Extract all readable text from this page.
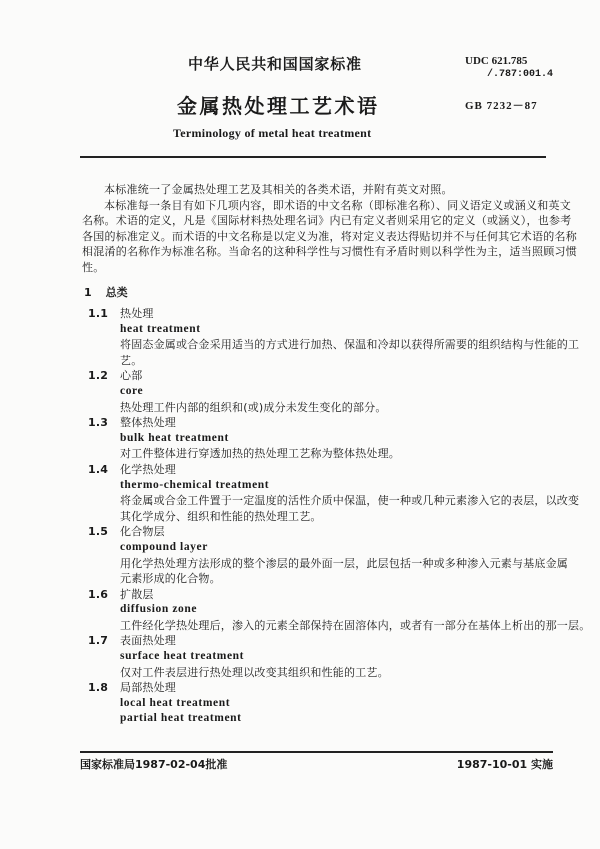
中华人民共和国国家标准
金属热处理工艺术语
Terminology of metal heat treatment
UDC 621.785
/.787:001.4
GB 7232－87

本标准统一了金属热处理工艺及其相关的各类术语，并附有英文对照。

本标准每一条目有如下几项内容，即术语的中文名称（即标准名称）、同义语定义或涵义和英文

名称。术语的定义，凡是《国际材料热处理名词》内已有定义者则采用它的定义（或涵义），也参考

各国的标准定义。而术语的中文名称是以定义为准，将对定义表达得贴切并不与任何其它术语的名称

相混淆的名称作为标准名称。当命名的这种科学性与习惯性有矛盾时则以科学性为主，适当照顾习惯

性。

1 总类
1.1 热处理
heat treatment
将固态金属或合金采用适当的方式进行加热、保温和冷却以获得所需要的组织结构与性能的工
艺。
1.2 心部
core
热处理工件内部的组织和(或)成分未发生变化的部分。
1.3 整体热处理
bulk heat treatment
对工件整体进行穿透加热的热处理工艺称为整体热处理。
1.4 化学热处理
thermo-chemical treatment
将金属或合金工件置于一定温度的活性介质中保温，使一种或几种元素渗入它的表层，以改变
其化学成分、组织和性能的热处理工艺。
1.5 化合物层
compound layer
用化学热处理方法形成的整个渗层的最外面一层，此层包括一种或多种渗入元素与基底金属
元素形成的化合物。
1.6 扩散层
diffusion zone
工件经化学热处理后，渗入的元素全部保持在固溶体内，或者有一部分在基体上析出的那一层。
1.7 表面热处理
surface heat treatment
仅对工件表层进行热处理以改变其组织和性能的工艺。
1.8 局部热处理
local heat treatment
partial heat treatment
国家标准局1987-02-04批准	1987-10-01 实施
